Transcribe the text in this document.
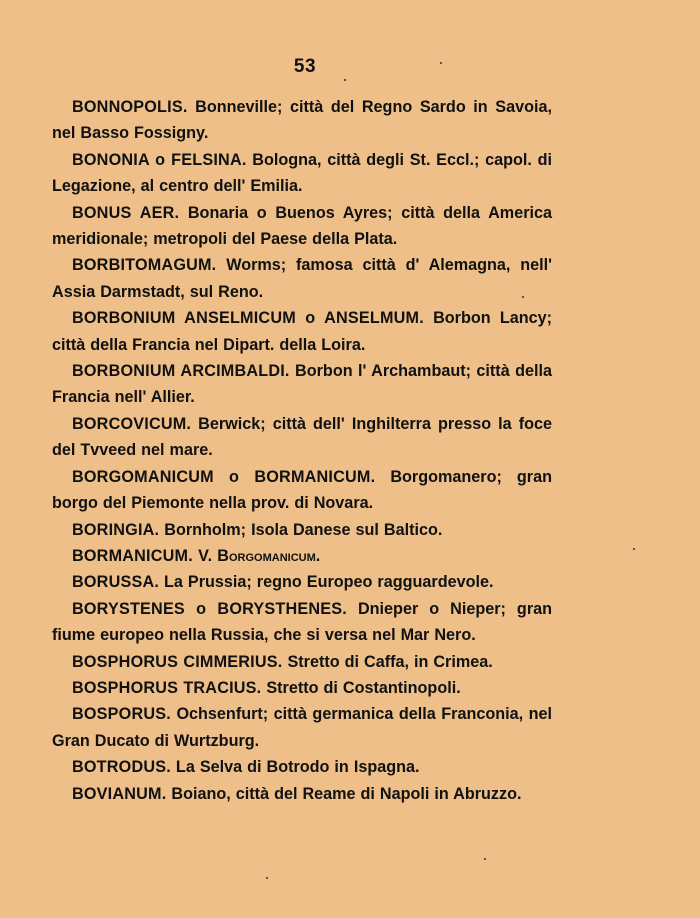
53

BONNOPOLIS. Bonneville; città del Regno Sardo in Savoia, nel Basso Fossigny.

BONONIA o FELSINA. Bologna, città degli St. Eccl.; capol. di Legazione, al centro dell' Emilia.

BONUS AER. Bonaria o Buenos Ayres; città della America meridionale; metropoli del Paese della Plata.

BORBITOMAGUM. Worms; famosa città d' Alemagna, nell' Assia Darmstadt, sul Reno.

BORBONIUM ANSELMICUM o ANSELMUM. Borbon Lancy; città della Francia nel Dipart. della Loira.

BORBONIUM ARCIMBALDI. Borbon l' Archambaut; città della Francia nell' Allier.

BORCOVICUM. Berwick; città dell' Inghilterra presso la foce del Tvveed nel mare.

BORGOMANICUM o BORMANICUM. Borgomanero; gran borgo del Piemonte nella prov. di Novara.

BORINGIA. Bornholm; Isola Danese sul Baltico.

BORMANICUM. V. Borgomanicum.

BORUSSA. La Prussia; regno Europeo ragguardevole.

BORYSTENES o BORYSTHENES. Dnieper o Nieper; gran fiume europeo nella Russia, che si versa nel Mar Nero.

BOSPHORUS CIMMERIUS. Stretto di Caffa, in Crimea.

BOSPHORUS TRACIUS. Stretto di Costantinopoli.

BOSPORUS. Ochsenfurt; città germanica della Franconia, nel Gran Ducato di Wurtzburg.

BOTRODUS. La Selva di Botrodo in Ispagna.

BOVIANUM. Boiano, città del Reame di Napoli in Abruzzo.
